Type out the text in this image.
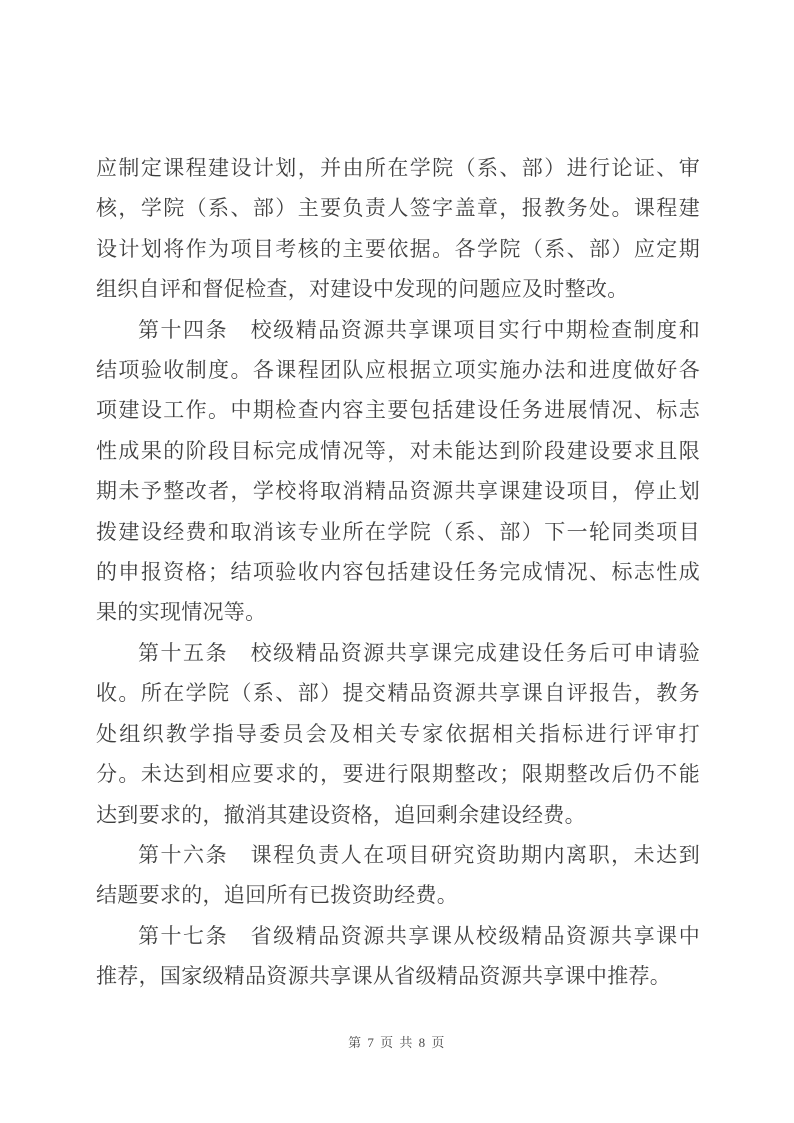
应制定课程建设计划，并由所在学院（系、部）进行论证、审
核，学院（系、部）主要负责人签字盖章，报教务处。课程建
设计划将作为项目考核的主要依据。各学院（系、部）应定期
组织自评和督促检查，对建设中发现的问题应及时整改。
第十四条　校级精品资源共享课项目实行中期检查制度和
结项验收制度。各课程团队应根据立项实施办法和进度做好各
项建设工作。中期检查内容主要包括建设任务进展情况、标志
性成果的阶段目标完成情况等，对未能达到阶段建设要求且限
期未予整改者，学校将取消精品资源共享课建设项目，停止划
拨建设经费和取消该专业所在学院（系、部）下一轮同类项目
的申报资格；结项验收内容包括建设任务完成情况、标志性成
果的实现情况等。
第十五条　校级精品资源共享课完成建设任务后可申请验
收。所在学院（系、部）提交精品资源共享课自评报告，教务
处组织教学指导委员会及相关专家依据相关指标进行评审打
分。未达到相应要求的，要进行限期整改；限期整改后仍不能
达到要求的，撤消其建设资格，追回剩余建设经费。
第十六条　课程负责人在项目研究资助期内离职，未达到
结题要求的，追回所有已拨资助经费。
第十七条　省级精品资源共享课从校级精品资源共享课中
推荐，国家级精品资源共享课从省级精品资源共享课中推荐。
第 7 页 共 8 页
